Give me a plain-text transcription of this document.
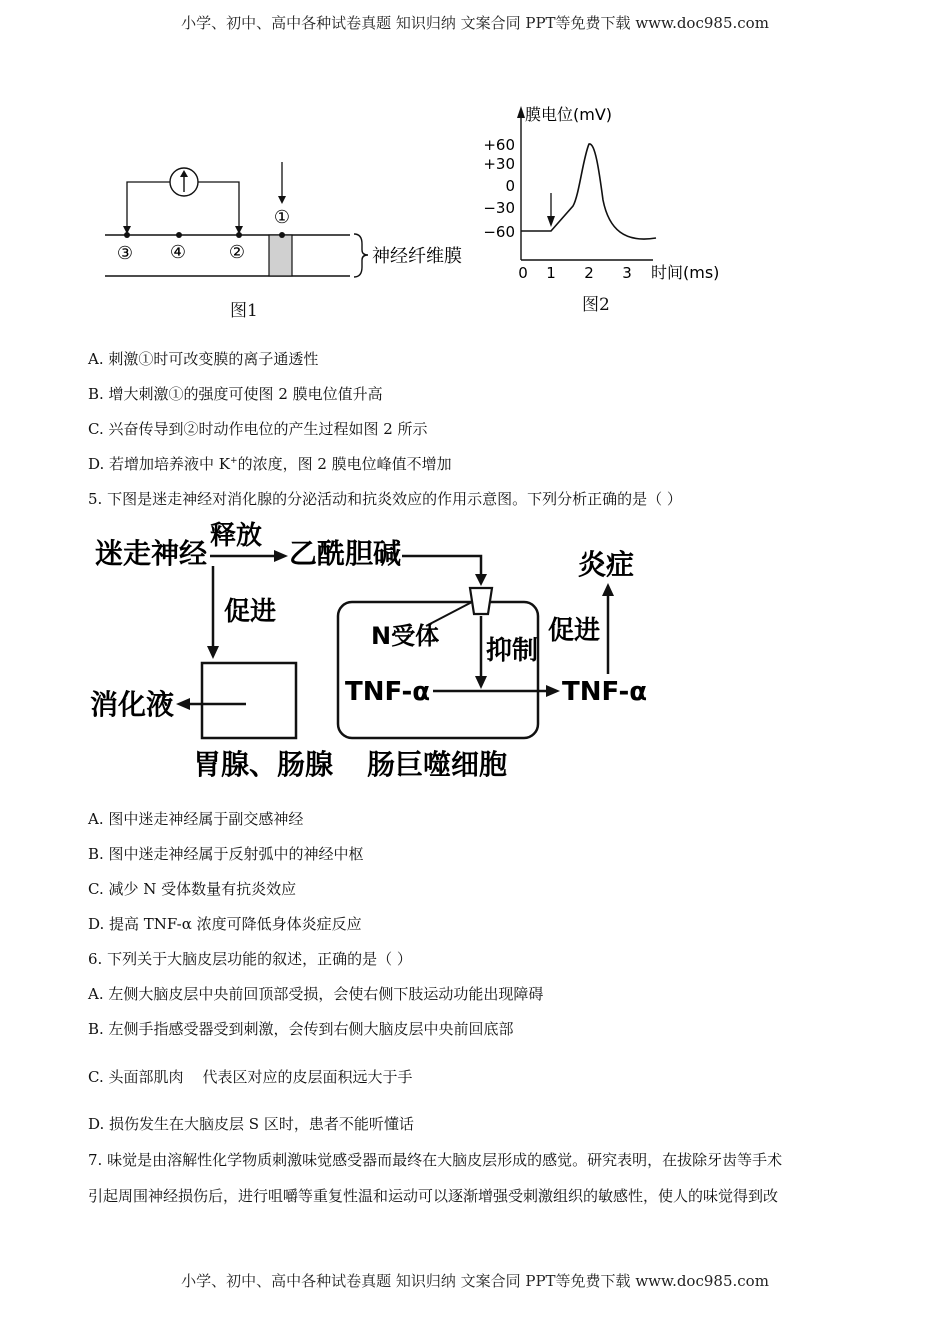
小学、初中、高中各种试卷真题 知识归纳 文案合同 PPT等免费下载 www.doc985.com
③ ④ ②
①
神经纤维膜
图1
膜电位(mV)
+60
+30
0
−30
−60
0 1 2 3 时间(ms)
图2
A. 刺激①时可改变膜的离子通透性
B. 增大刺激①的强度可使图 2 膜电位值升高
C. 兴奋传导到②时动作电位的产生过程如图 2 所示
D. 若增加培养液中 K+的浓度，图 2 膜电位峰值不增加
5. 下图是迷走神经对消化腺的分泌活动和抗炎效应的作用示意图。下列分析正确的是（ ）
迷走神经
释放
乙酰胆碱
促进
消化液
胃腺、肠腺
N受体 抑制
TNF-α	TNF-α
促进
炎症
肠巨噬细胞
A. 图中迷走神经属于副交感神经
B. 图中迷走神经属于反射弧中的神经中枢
C. 减少 N 受体数量有抗炎效应
D. 提高 TNF-α 浓度可降低身体炎症反应
6. 下列关于大脑皮层功能的叙述，正确的是（ ）
A. 左侧大脑皮层中央前回顶部受损，会使右侧下肢运动功能出现障碍
B. 左侧手指感受器受到刺激，会传到右侧大脑皮层中央前回底部
C. 头面部肌肉    代表区对应的皮层面积远大于手
D. 损伤发生在大脑皮层 S 区时，患者不能听懂话
7. 味觉是由溶解性化学物质刺激味觉感受器而最终在大脑皮层形成的感觉。研究表明，在拔除牙齿等手术
引起周围神经损伤后，进行咀嚼等重复性温和运动可以逐渐增强受刺激组织的敏感性，使人的味觉得到改
小学、初中、高中各种试卷真题 知识归纳 文案合同 PPT等免费下载 www.doc985.com
